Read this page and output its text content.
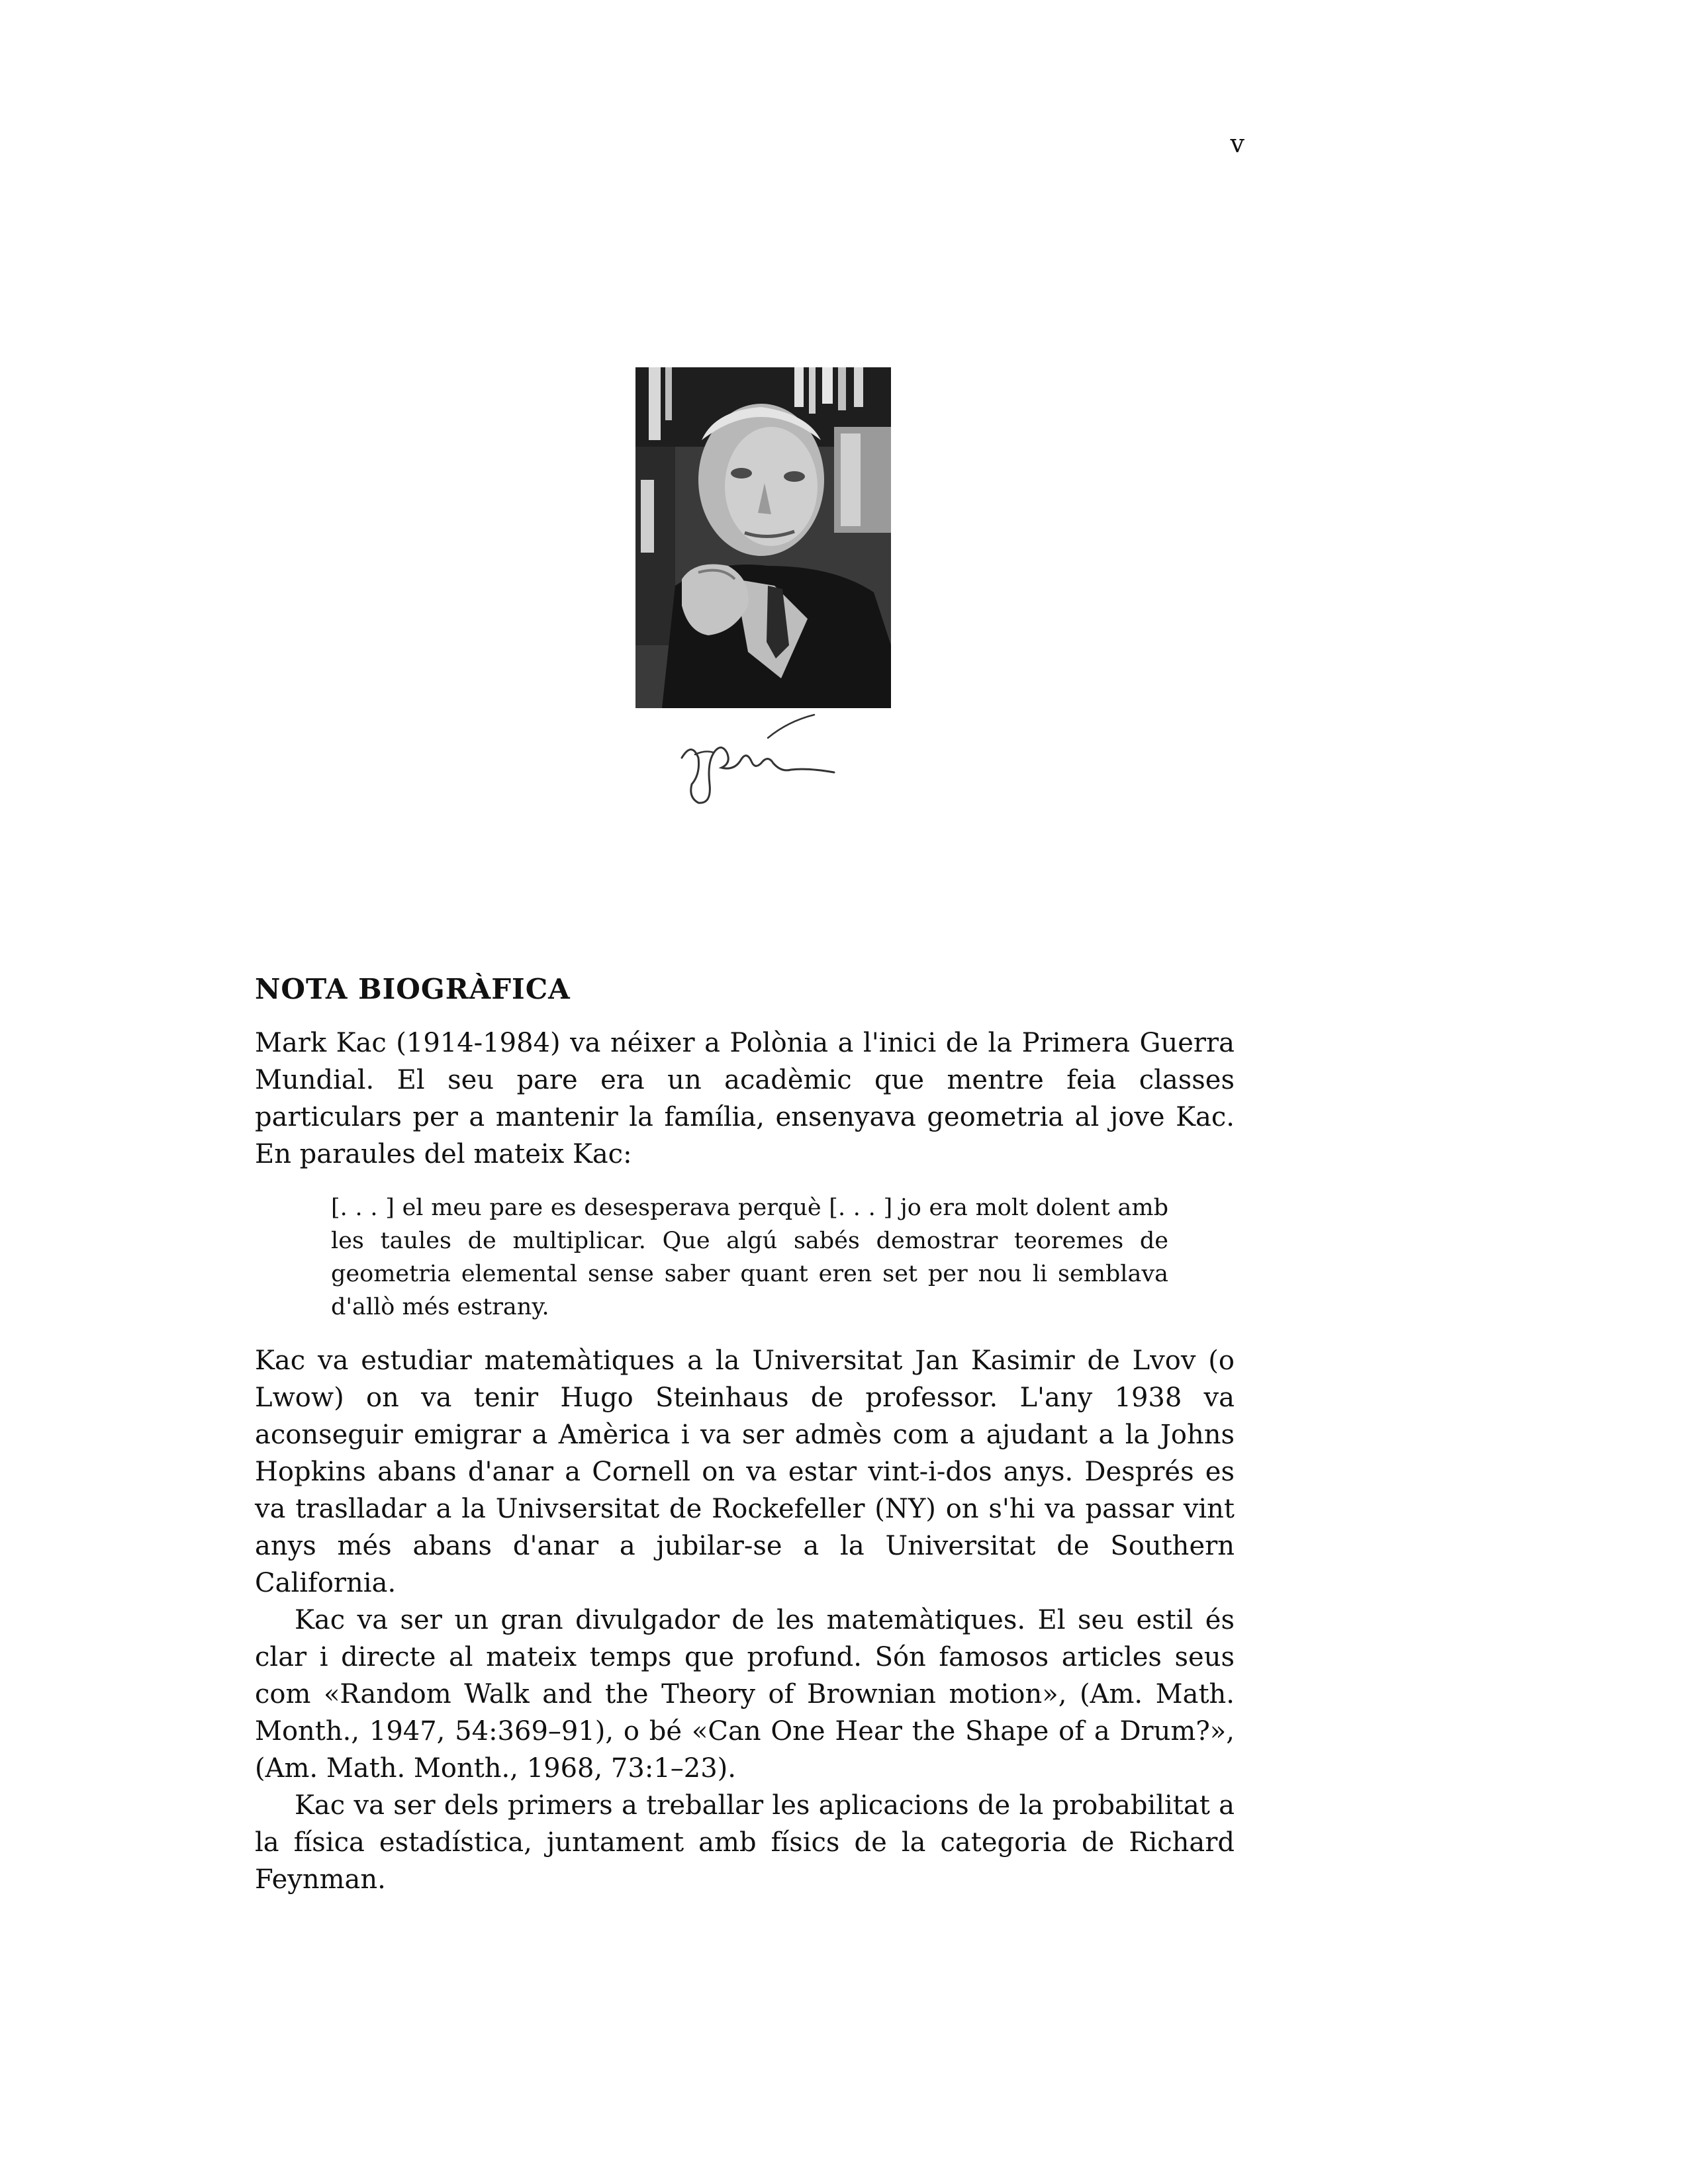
v
NOTA BIOGRÀFICA

Mark Kac (1914-1984) va néixer a Polònia a l'inici de la Primera Guerra Mundial. El seu pare era un acadèmic que mentre feia classes particulars per a mantenir la família, ensenyava geometria al jove Kac. En paraules del mateix Kac:

[. . . ] el meu pare es desesperava perquè [. . . ] jo era molt dolent amb les taules de multiplicar. Que algú sabés demostrar teoremes de geometria elemental sense saber quant eren set per nou li semblava d'allò més estrany.

Kac va estudiar matemàtiques a la Universitat Jan Kasimir de Lvov (o Lwow) on va tenir Hugo Steinhaus de professor. L'any 1938 va aconseguir emigrar a Amèrica i va ser admès com a ajudant a la Johns Hopkins abans d'anar a Cornell on va estar vint-i-dos anys. Després es va traslladar a la Univsersitat de Rockefeller (NY) on s'hi va passar vint anys més abans d'anar a jubilar-se a la Universitat de Southern California.

Kac va ser un gran divulgador de les matemàtiques. El seu estil és clar i directe al mateix temps que profund. Són famosos articles seus com «Random Walk and the Theory of Brownian motion», (Am. Math. Month., 1947, 54:369–91), o bé «Can One Hear the Shape of a Drum?», (Am. Math. Month., 1968, 73:1–23).

Kac va ser dels primers a treballar les aplicacions de la probabilitat a la física estadística, juntament amb físics de la categoria de Richard Feynman.
